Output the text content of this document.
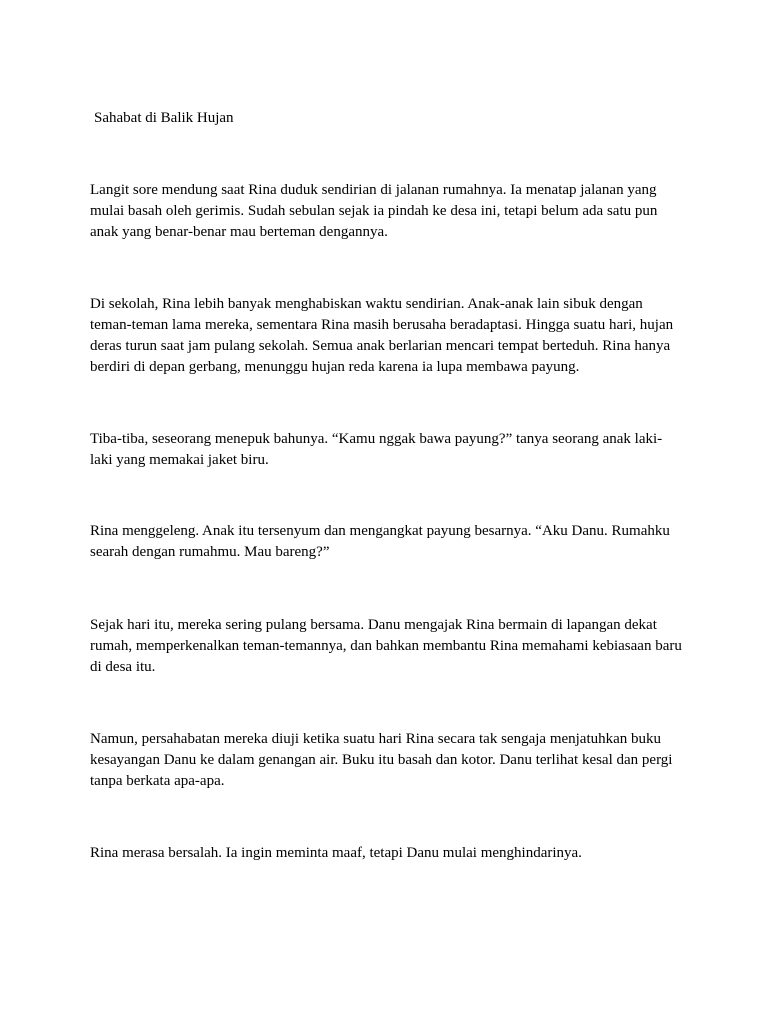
Sahabat di Balik Hujan

Langit sore mendung saat Rina duduk sendirian di jalanan rumahnya. Ia menatap jalanan yang mulai basah oleh gerimis. Sudah sebulan sejak ia pindah ke desa ini, tetapi belum ada satu pun anak yang benar-benar mau berteman dengannya.

Di sekolah, Rina lebih banyak menghabiskan waktu sendirian. Anak-anak lain sibuk dengan teman-teman lama mereka, sementara Rina masih berusaha beradaptasi. Hingga suatu hari, hujan deras turun saat jam pulang sekolah. Semua anak berlarian mencari tempat berteduh. Rina hanya berdiri di depan gerbang, menunggu hujan reda karena ia lupa membawa payung.

Tiba-tiba, seseorang menepuk bahunya. “Kamu nggak bawa payung?” tanya seorang anak laki-laki yang memakai jaket biru.

Rina menggeleng. Anak itu tersenyum dan mengangkat payung besarnya. “Aku Danu. Rumahku searah dengan rumahmu. Mau bareng?”

Sejak hari itu, mereka sering pulang bersama. Danu mengajak Rina bermain di lapangan dekat rumah, memperkenalkan teman-temannya, dan bahkan membantu Rina memahami kebiasaan baru di desa itu.

Namun, persahabatan mereka diuji ketika suatu hari Rina secara tak sengaja menjatuhkan buku kesayangan Danu ke dalam genangan air. Buku itu basah dan kotor. Danu terlihat kesal dan pergi tanpa berkata apa-apa.

Rina merasa bersalah. Ia ingin meminta maaf, tetapi Danu mulai menghindarinya.
